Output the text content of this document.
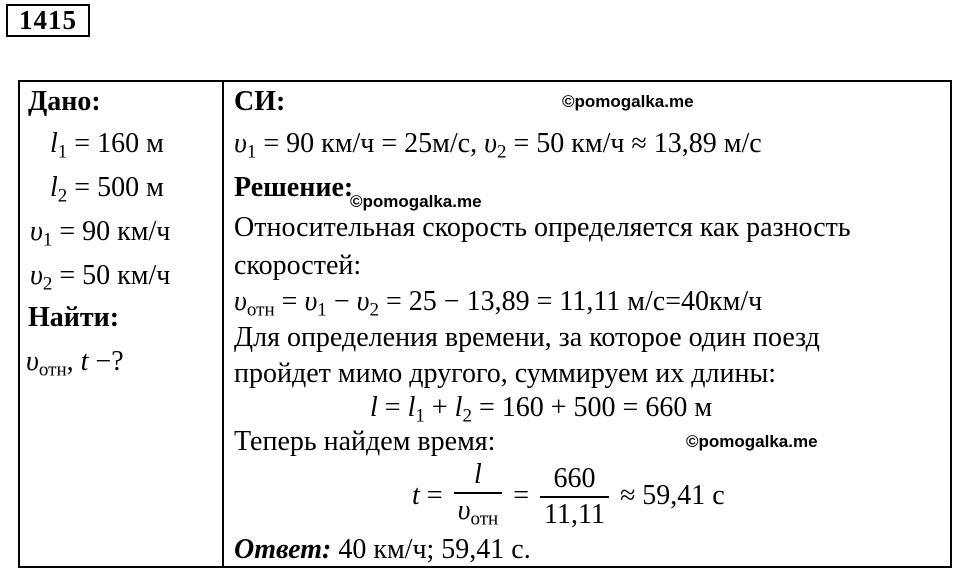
1415
Дано:
$l_1 = 160$ м
$l_2 = 500$ м
$\upsilon_1 = 90$ км/ч
$\upsilon_2 = 50$ км/ч
Найти:
$\upsilon_{отн}$, t −?
СИ:
$\upsilon_1 = 90$ км/ч = 25м/с, $\upsilon_2 = 50$ км/ч ≈ 13,89 м/с
Решение:
Относительная скорость определяется как разность
скоростей:
$\upsilon_{отн} = \upsilon_1 - \upsilon_2 = 25 - 13,89 = 11,11$ м/с=40км/ч
Для определения времени, за которое один поезд
пройдет мимо другого, суммируем их длины:
$l = l_1 + l_2 = 160 + 500 = 660$ м
Теперь найдем время:
$t = \frac{l}{\upsilon_{отн}} = \frac{660}{11,11} \approx 59,41$ с
Ответ: 40 км/ч; 59,41 с.
©pomogalka.me
©pomogalka.me
©pomogalka.me
